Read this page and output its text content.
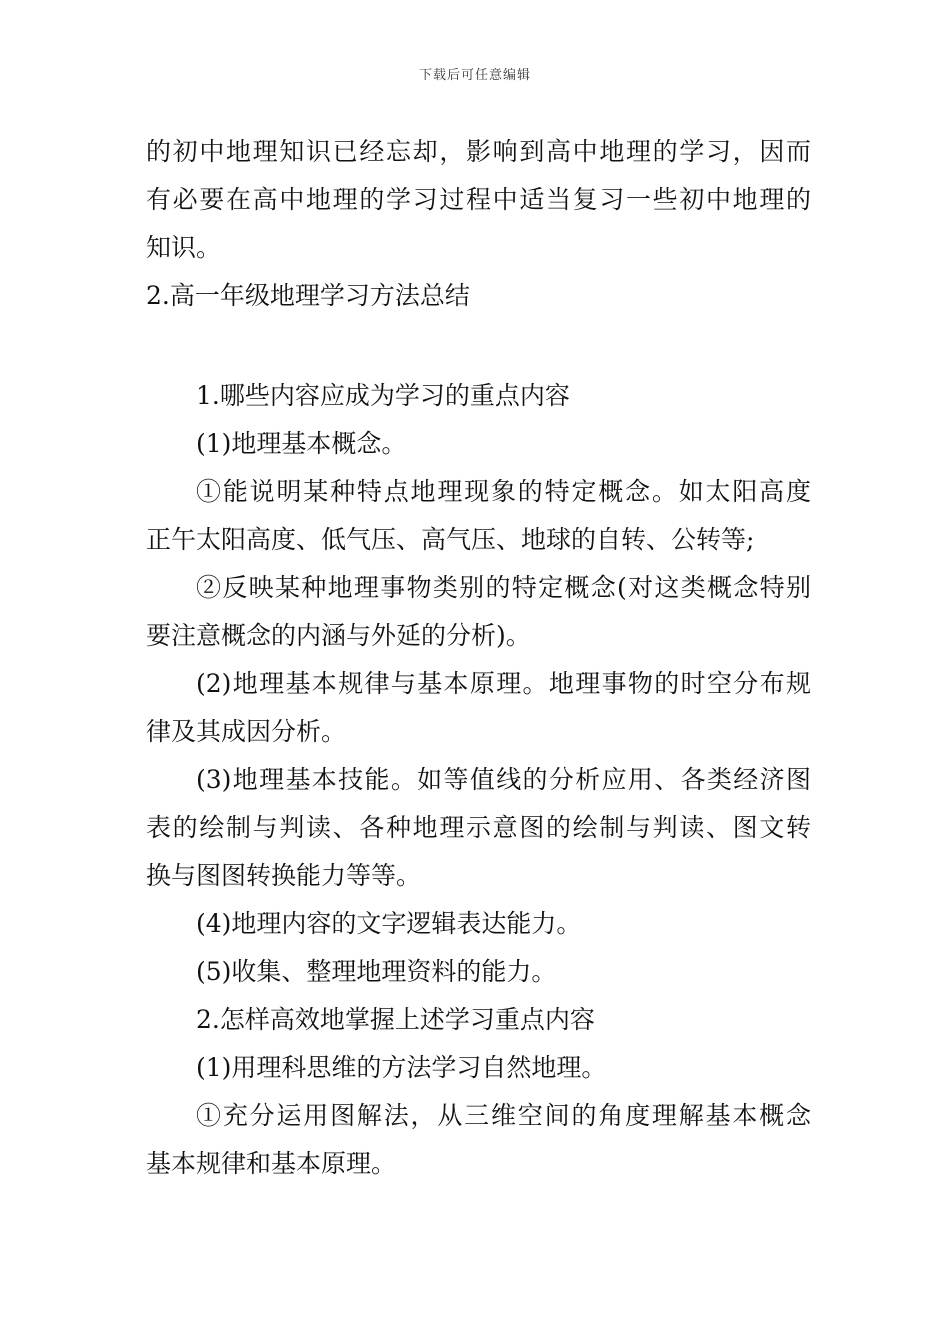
下载后可任意编辑
的初中地理知识已经忘却，影响到高中地理的学习，因而
有必要在高中地理的学习过程中适当复习一些初中地理的
知识。
2.高一年级地理学习方法总结
1.哪些内容应成为学习的重点内容
(1)地理基本概念。
①能说明某种特点地理现象的特定概念。如太阳高度
正午太阳高度、低气压、高气压、地球的自转、公转等;
②反映某种地理事物类别的特定概念(对这类概念特别
要注意概念的内涵与外延的分析)。
(2)地理基本规律与基本原理。地理事物的时空分布规
律及其成因分析。
(3)地理基本技能。如等值线的分析应用、各类经济图
表的绘制与判读、各种地理示意图的绘制与判读、图文转
换与图图转换能力等等。
(4)地理内容的文字逻辑表达能力。
(5)收集、整理地理资料的能力。
2.怎样高效地掌握上述学习重点内容
(1)用理科思维的方法学习自然地理。
①充分运用图解法，从三维空间的角度理解基本概念
基本规律和基本原理。
